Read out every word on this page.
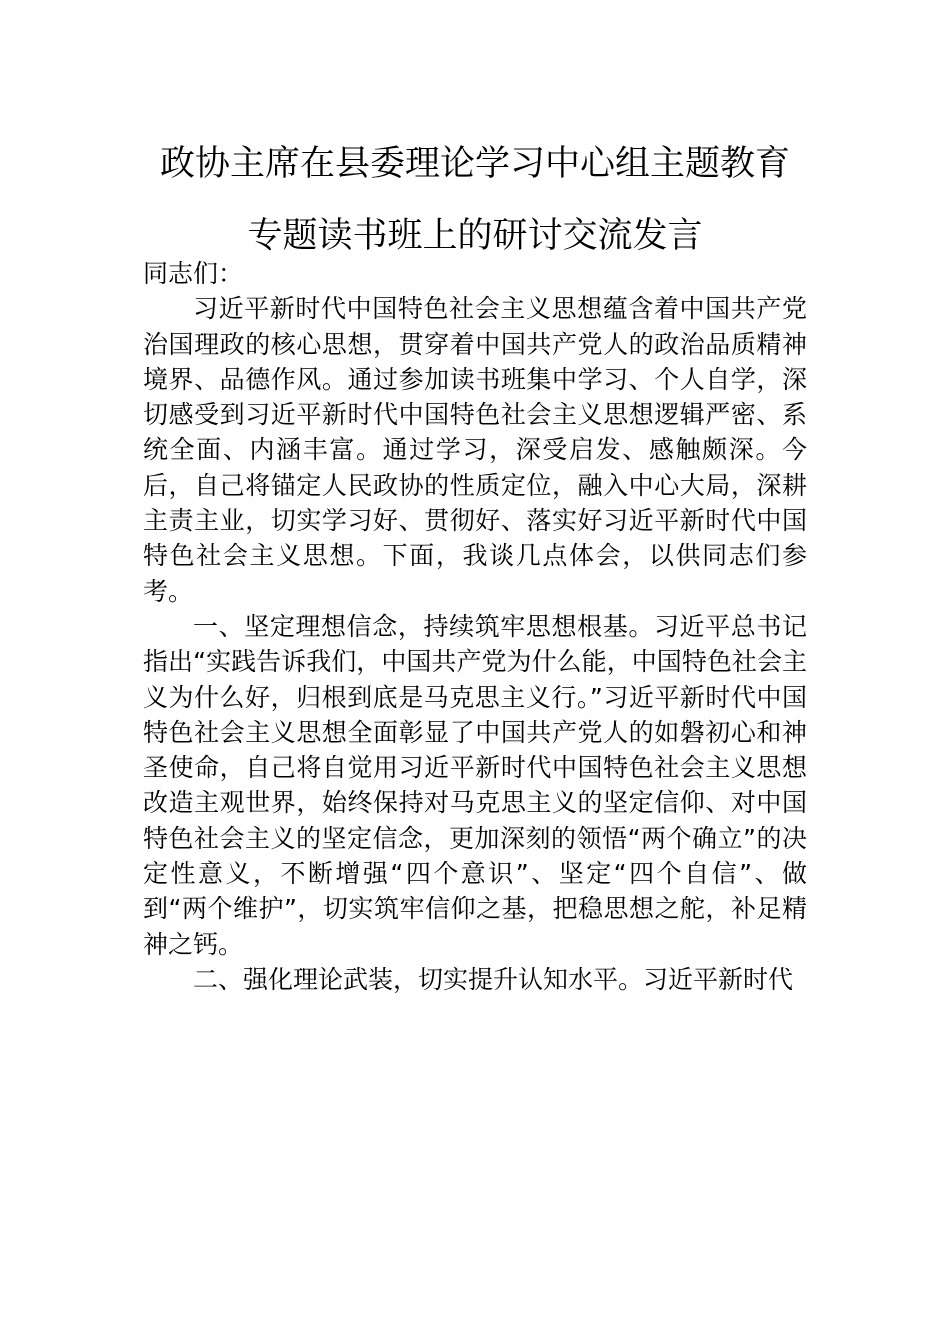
政协主席在县委理论学习中心组主题教育

专题读书班上的研讨交流发言

同志们：

习近平新时代中国特色社会主义思想蕴含着中国共产党治国理政的核心思想，贯穿着中国共产党人的政治品质精神境界、品德作风。通过参加读书班集中学习、个人自学，深切感受到习近平新时代中国特色社会主义思想逻辑严密、系统全面、内涵丰富。通过学习，深受启发、感触颇深。今后，自己将锚定人民政协的性质定位，融入中心大局，深耕主责主业，切实学习好、贯彻好、落实好习近平新时代中国特色社会主义思想。下面，我谈几点体会，以供同志们参考。

一、坚定理想信念，持续筑牢思想根基。习近平总书记指出“实践告诉我们，中国共产党为什么能，中国特色社会主义为什么好，归根到底是马克思主义行。”习近平新时代中国特色社会主义思想全面彰显了中国共产党人的如磐初心和神圣使命，自己将自觉用习近平新时代中国特色社会主义思想改造主观世界，始终保持对马克思主义的坚定信仰、对中国特色社会主义的坚定信念，更加深刻的领悟“两个确立”的决定性意义，不断增强“四个意识”、坚定“四个自信”、做到“两个维护”，切实筑牢信仰之基，把稳思想之舵，补足精神之钙。

二、强化理论武装，切实提升认知水平。习近平新时代
